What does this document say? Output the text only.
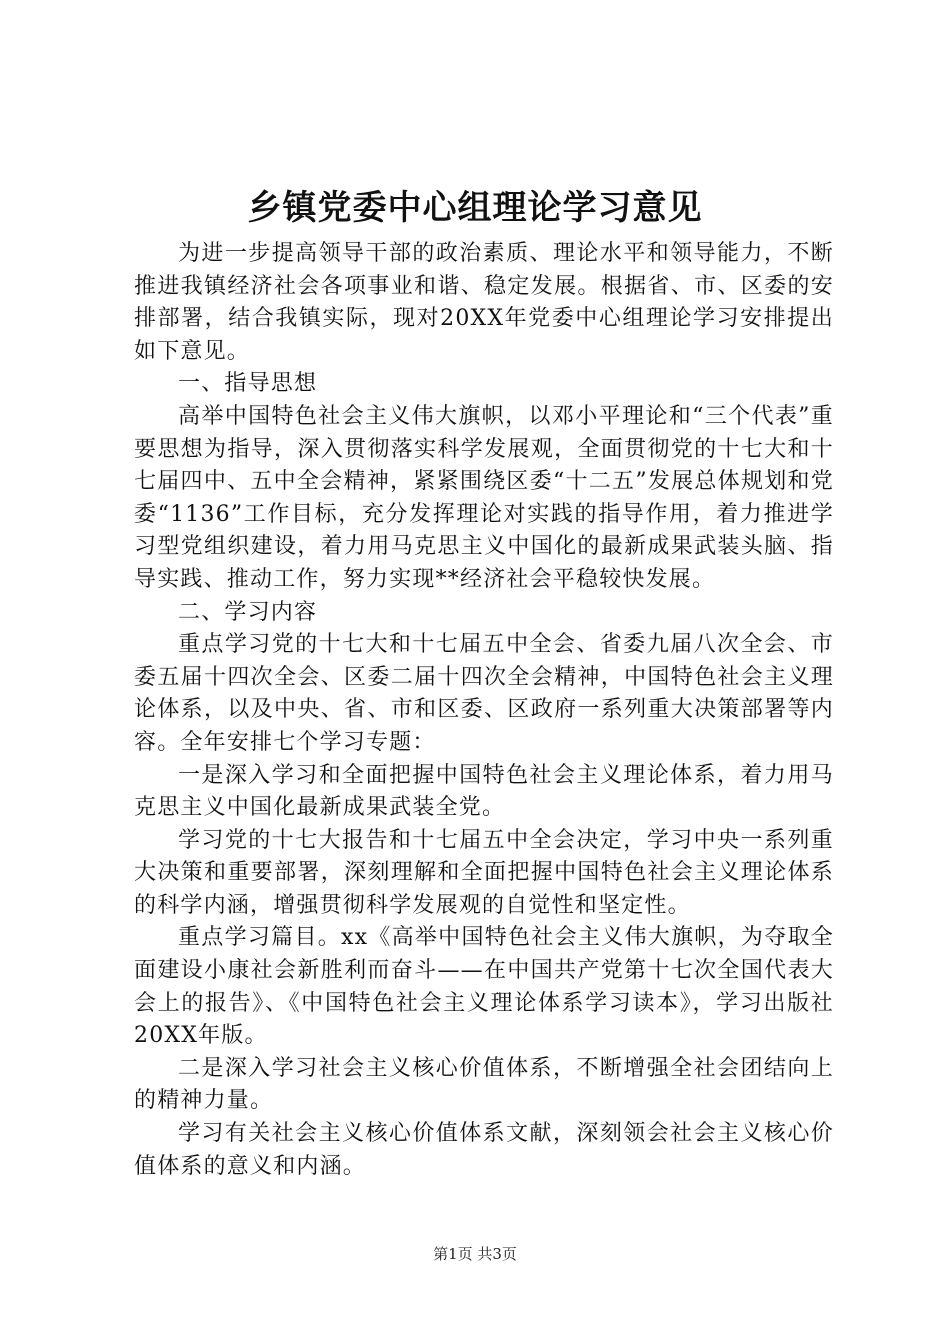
乡镇党委中心组理论学习意见

为进一步提高领导干部的政治素质、理论水平和领导能力，不断推进我镇经济社会各项事业和谐、稳定发展。根据省、市、区委的安排部署，结合我镇实际，现对20XX年党委中心组理论学习安排提出如下意见。

一、指导思想

高举中国特色社会主义伟大旗帜，以邓小平理论和“三个代表”重要思想为指导，深入贯彻落实科学发展观，全面贯彻党的十七大和十七届四中、五中全会精神，紧紧围绕区委“十二五”发展总体规划和党委“1136”工作目标，充分发挥理论对实践的指导作用，着力推进学习型党组织建设，着力用马克思主义中国化的最新成果武装头脑、指导实践、推动工作，努力实现**经济社会平稳较快发展。

二、学习内容

重点学习党的十七大和十七届五中全会、省委九届八次全会、市委五届十四次全会、区委二届十四次全会精神，中国特色社会主义理论体系，以及中央、省、市和区委、区政府一系列重大决策部署等内容。全年安排七个学习专题：

一是深入学习和全面把握中国特色社会主义理论体系，着力用马克思主义中国化最新成果武装全党。

学习党的十七大报告和十七届五中全会决定，学习中央一系列重大决策和重要部署，深刻理解和全面把握中国特色社会主义理论体系的科学内涵，增强贯彻科学发展观的自觉性和坚定性。

重点学习篇目。xx《高举中国特色社会主义伟大旗帜，为夺取全面建设小康社会新胜利而奋斗——在中国共产党第十七次全国代表大会上的报告》、《中国特色社会主义理论体系学习读本》，学习出版社20XX年版。

二是深入学习社会主义核心价值体系，不断增强全社会团结向上的精神力量。

学习有关社会主义核心价值体系文献，深刻领会社会主义核心价值体系的意义和内涵。

第1页 共3页
